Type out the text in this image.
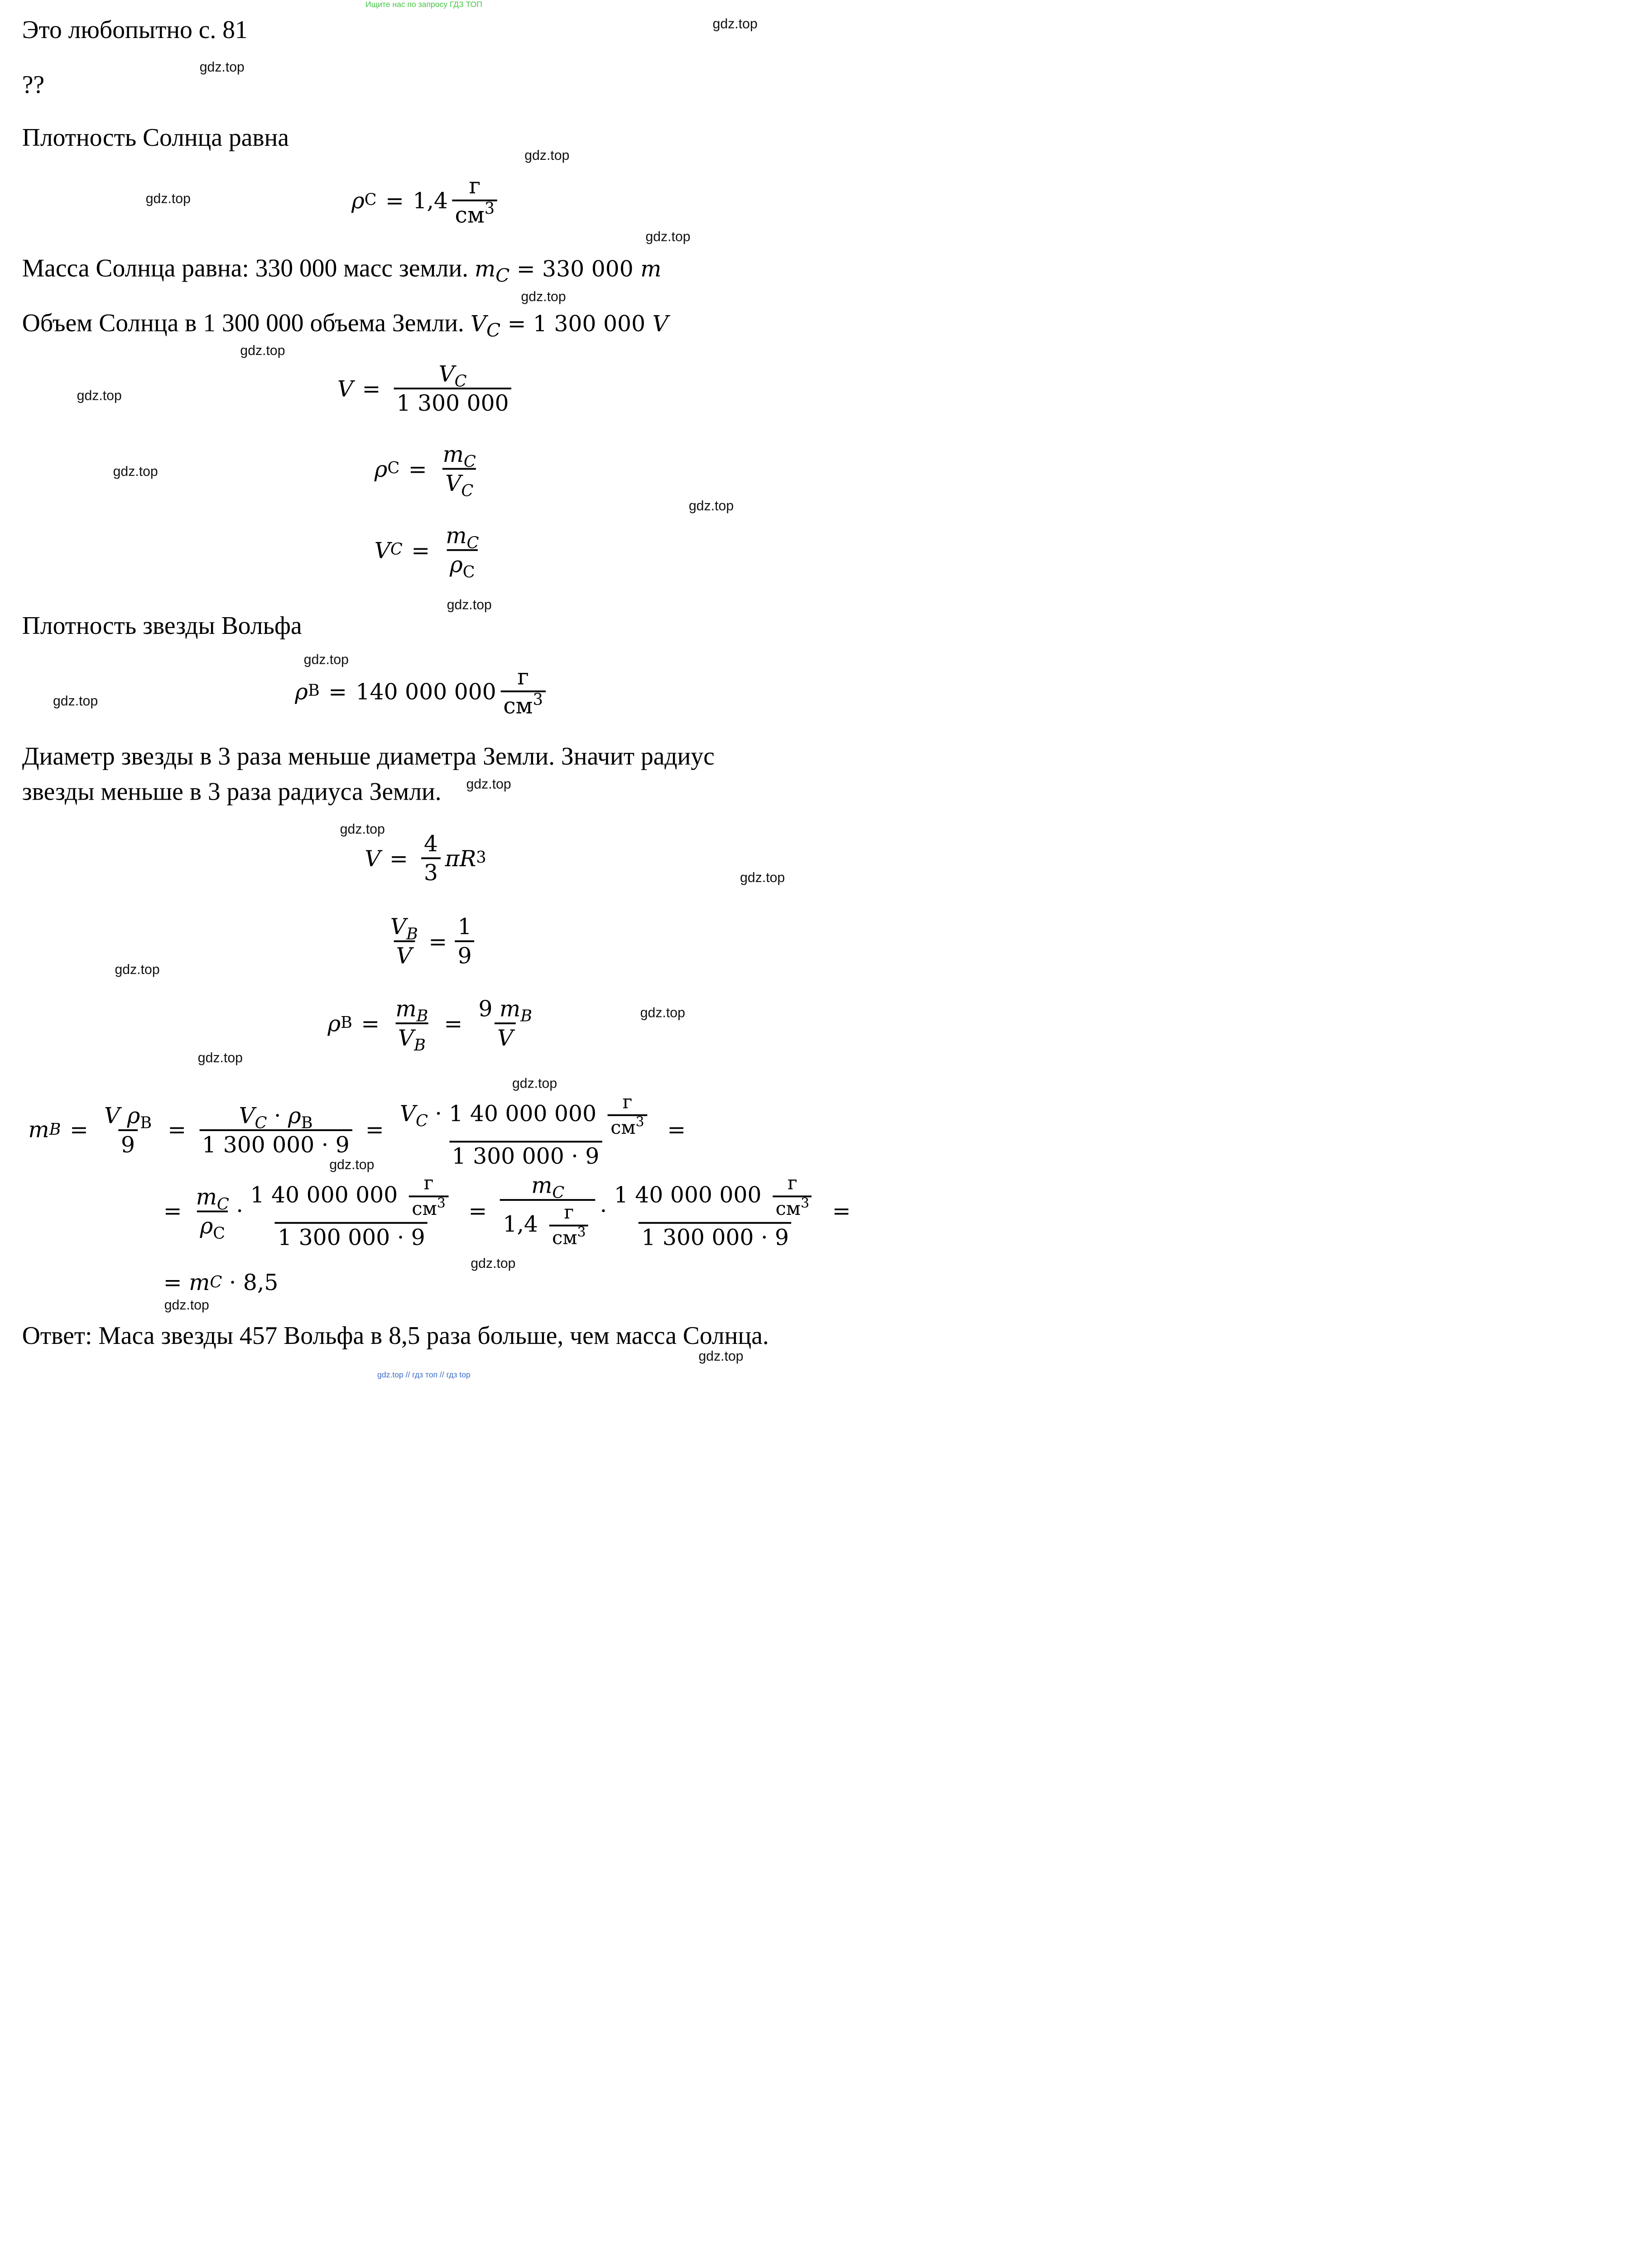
Ищите нас по запросу ГДЗ ТОП
gdz.top
gdz.top
gdz.top
gdz.top
gdz.top
gdz.top
gdz.top
gdz.top
gdz.top
gdz.top
gdz.top
gdz.top
gdz.top
gdz.top
gdz.top
gdz.top
gdz.top
gdz.top
gdz.top
gdz.top
gdz.top
gdz.top
gdz.top
gdz.top
Это любопытно с. 81
??
Плотность Солнца равна
ρ $С = 1,4 \frac{г}{см^3}$
Масса Солнца равна: 330 000 масс земли. $m_C = 330$ 000 m
Объем Солнца в 1 300 000 объема Земли. $V_C = 1$ 300 000 V
$V = \frac{V_C}{1 300 000}$
ρ $С = \frac{m_C}{V_C}$
V $C = \frac{m_C}{\rho_С}$
Плотность звезды Вольфа
ρ В = 140 000 $000 \frac{г}{см^3}$
Диаметр звезды в 3 раза меньше диаметра Земли. Значит радиус
звезды меньше в 3 раза радиуса Земли.
$V = \frac{4}{3}$ πR 3
$\frac{V_B}{V} = \frac{1}{9}$
ρ $В = \frac{m_B}{V_B} = \frac{9 m_B}{V}$
m $B = \frac{V \rho_В}{9} = \frac{V_C \cdot \rho_В}{1 300 000 \cdot 9} = \frac{V_C \cdot 1 40 000 000 \frac{г}{см^3}}{1 300 000 \cdot 9}$ =
= $\frac{m_C}{\rho_С} \cdot \frac{1 40 000 000 \frac{г}{см^3}}{1 300 000 \cdot 9} = \frac{m_C}{1,4 \frac{г}{см^3}} \cdot \frac{1 40 000 000 \frac{г}{см^3}}{1 300 000 \cdot 9}$ =
= m C · 8,5
Ответ: Маса звезды 457 Вольфа в 8,5 раза больше, чем масса Солнца.
gdz.top // гдз топ // гдз top
